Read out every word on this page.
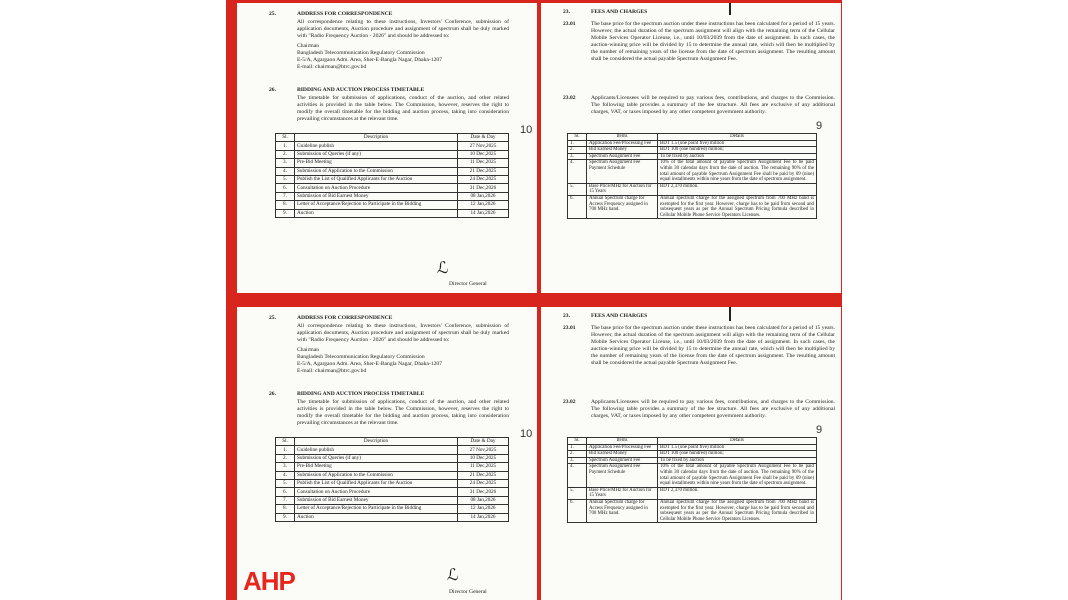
25.	ADDRESS FOR CORRESPONDENCE
All correspondence relating to these instructions, Investors' Conference, submission of application documents, Auction procedure and assignment of spectrum shall be duly marked with "Radio Frequency Auction - 2026" and should be addressed to:
Chairman
Bangladesh Telecommunication Regulatory Commission
E-5/A, Agargaon Adm. Area, Sher-E-Bangla Nagar, Dhaka-1207
E-mail: chairman@btrc.gov.bd
26.	BIDDING AND AUCTION PROCESS TIMETABLE
The timetable for submission of applications, conduct of the auction, and other related activities is provided in the table below. The Commission, however, reserves the right to modify the overall timetable for the bidding and auction process, taking into consideration prevailing circumstances at the relevant time.
Sl.	Description	Date & Day
1.	Guideline publish	27 Nov,2025
2.	Submission of Queries (if any)	10 Dec,2025
3.	Pre-Bid Meeting	11 Dec,2025
4.	Submission of Application to the Commission	21 Dec,2025
5.	Publish the List of Qualified Applicants for the Auction	24 Dec,2025
6.	Consultation on Auction Procedure	31 Dec,2026
7.	Submission of Bid Earnest Money	08 Jan,2026
8.	Letter of Acceptance/Rejection to Participate in the Bidding	12 Jan,2026
9.	Auction	14 Jan,2026
ℒ
Director General
10
23.	FEES AND CHARGES
23.01	The base price for the spectrum auction under these instructions has been calculated for a period of 15 years. However, the actual duration of the spectrum assignment will align with the remaining term of the Cellular Mobile Services Operator License, i.e., until 10/03/2039 from the date of assignment. In such cases, the auction-winning price will be divided by 15 to determine the annual rate, which will then be multiplied by the number of remaining years of the license from the date of spectrum assignment. The resulting amount shall be considered the actual payable Spectrum Assignment Fee.
23.02	Applicants/Licensees will be required to pay various fees, contributions, and charges to the Commission. The following table provides a summary of the fee structure. All fees are exclusive of any additional charges, VAT, or taxes imposed by any other competent government authority.
Sl.	Items	Details
1.	Application Fee/Processing Fee	BDT 1.5 (one point five) million
2.	Bid Earnest Money	BDT 100 (one hundred) million;
3.	Spectrum Assignment Fee	To be fixed by auction
4.	Spectrum Assignment Fee Payment Schedule	10% of the total amount of payable Spectrum Assignment Fee to be paid within 30 calendar days from the date of auction. The remaining 90% of the total amount of payable Spectrum Assignment Fee shall be paid by 09 (nine) equal installments within nine years from the date of spectrum assignment.
5.	Base Price/MHz for Auction for 15 Years	BDT 2,370 million.
6.	Annual Spectrum charge for Access Frequency assigned in 700 MHz band.	Annual spectrum charge for the assigned spectrum from 700 MHz band is exempted for the first year. However, charge has to be paid from second and subsequent years as per the Annual Spectrum Pricing formula described in Cellular Mobile Phone Service Operators Licenses.
9
25.	ADDRESS FOR CORRESPONDENCE
All correspondence relating to these instructions, Investors' Conference, submission of application documents, Auction procedure and assignment of spectrum shall be duly marked with "Radio Frequency Auction - 2026" and should be addressed to:
Chairman
Bangladesh Telecommunication Regulatory Commission
E-5/A, Agargaon Adm. Area, Sher-E-Bangla Nagar, Dhaka-1207
E-mail: chairman@btrc.gov.bd
26.	BIDDING AND AUCTION PROCESS TIMETABLE
The timetable for submission of applications, conduct of the auction, and other related activities is provided in the table below. The Commission, however, reserves the right to modify the overall timetable for the bidding and auction process, taking into consideration prevailing circumstances at the relevant time.
Sl.	Description	Date & Day
1.	Guideline publish	27 Nov,2025
2.	Submission of Queries (if any)	10 Dec,2025
3.	Pre-Bid Meeting	11 Dec,2025
4.	Submission of Application to the Commission	21 Dec,2025
5.	Publish the List of Qualified Applicants for the Auction	24 Dec,2025
6.	Consultation on Auction Procedure	31 Dec,2026
7.	Submission of Bid Earnest Money	08 Jan,2026
8.	Letter of Acceptance/Rejection to Participate in the Bidding	12 Jan,2026
9.	Auction	14 Jan,2026
ℒ
Director General
10
23.	FEES AND CHARGES
23.01	The base price for the spectrum auction under these instructions has been calculated for a period of 15 years. However, the actual duration of the spectrum assignment will align with the remaining term of the Cellular Mobile Services Operator License, i.e., until 10/03/2039 from the date of assignment. In such cases, the auction-winning price will be divided by 15 to determine the annual rate, which will then be multiplied by the number of remaining years of the license from the date of spectrum assignment. The resulting amount shall be considered the actual payable Spectrum Assignment Fee.
23.02	Applicants/Licensees will be required to pay various fees, contributions, and charges to the Commission. The following table provides a summary of the fee structure. All fees are exclusive of any additional charges, VAT, or taxes imposed by any other competent government authority.
Sl.	Items	Details
1.	Application Fee/Processing Fee	BDT 1.5 (one point five) million
2.	Bid Earnest Money	BDT 100 (one hundred) million;
3.	Spectrum Assignment Fee	To be fixed by auction
4.	Spectrum Assignment Fee Payment Schedule	10% of the total amount of payable Spectrum Assignment Fee to be paid within 30 calendar days from the date of auction. The remaining 90% of the total amount of payable Spectrum Assignment Fee shall be paid by 09 (nine) equal installments within nine years from the date of spectrum assignment.
5.	Base Price/MHz for Auction for 15 Years	BDT 2,370 million.
6.	Annual Spectrum charge for Access Frequency assigned in 700 MHz band.	Annual spectrum charge for the assigned spectrum from 700 MHz band is exempted for the first year. However, charge has to be paid from second and subsequent years as per the Annual Spectrum Pricing formula described in Cellular Mobile Phone Service Operators Licenses.
9
AHP
